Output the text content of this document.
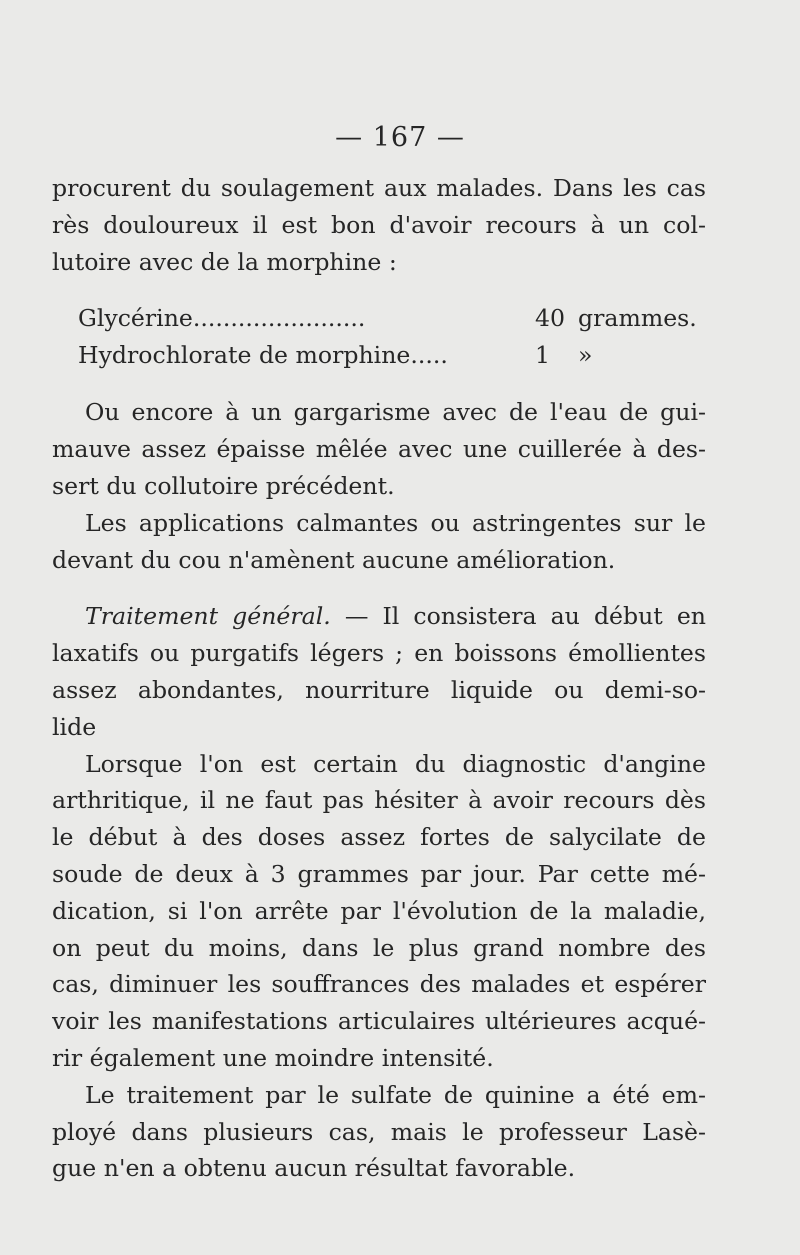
— 167 —
procurent du soulagement aux malades. Dans les cas
rès douloureux il est bon d'avoir recours à un col-
lutoire avec de la morphine :
Glycérine.......................	40 grammes.
Hydrochlorate de morphine.....	1 »
Ou encore à un gargarisme avec de l'eau de gui-
mauve assez épaisse mêlée avec une cuillerée à des-
sert du collutoire précédent.
Les applications calmantes ou astringentes sur le
devant du cou n'amènent aucune amélioration.
Traitement général. — Il consistera au début en
laxatifs ou purgatifs légers ; en boissons émollientes
assez abondantes, nourriture liquide ou demi-so-
lide
Lorsque l'on est certain du diagnostic d'angine
arthritique, il ne faut pas hésiter à avoir recours dès
le début à des doses assez fortes de salycilate de
soude de deux à 3 grammes par jour. Par cette mé-
dication, si l'on arrête par l'évolution de la maladie,
on peut du moins, dans le plus grand nombre des
cas, diminuer les souffrances des malades et espérer
voir les manifestations articulaires ultérieures acqué-
rir également une moindre intensité.
Le traitement par le sulfate de quinine a été em-
ployé dans plusieurs cas, mais le professeur Lasè-
gue n'en a obtenu aucun résultat favorable.
